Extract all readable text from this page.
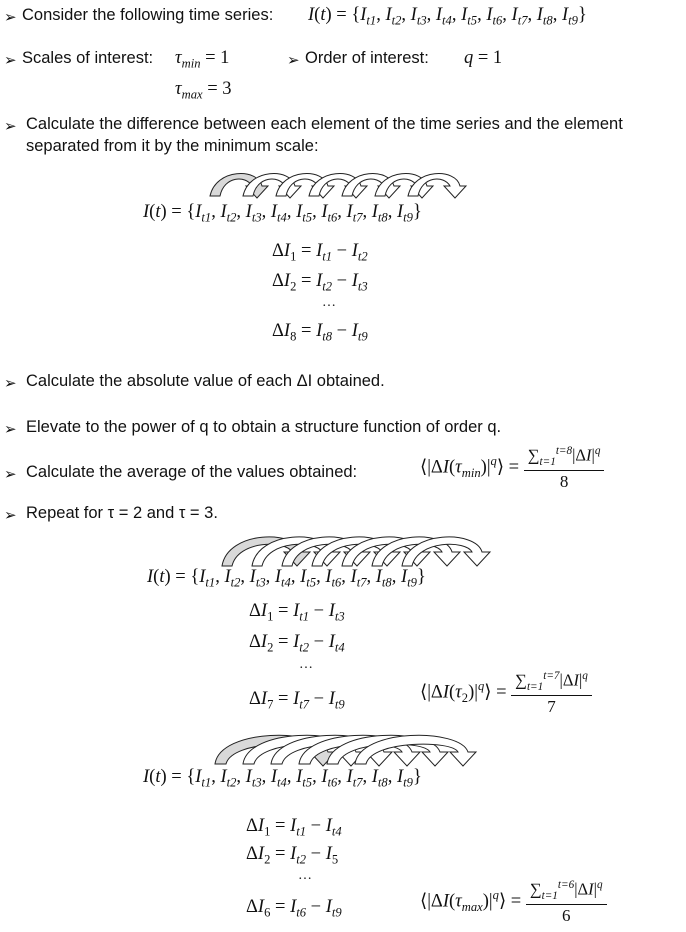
➢ Consider the following time series: $I(t) = \{I_{t1}$, $I_{t2}$, $I_{t3}$, $I_{t4}$, $I_{t5}$, $I_{t6}$, $I_{t7}$, $I_{t8}$, $I_{t9}$}
➢ Scales of interest: $\tau_{min} = 1$
$\tau_{max} = 3$
➢ Order of interest: q = 1
➢ Calculate the difference between each element of the time series and the element
separated from it by the minimum scale:
$I(t) = \{I_{t1}$, $I_{t2}$, $I_{t3}$, $I_{t4}$, $I_{t5}$, $I_{t6}$, $I_{t7}$, $I_{t8}$, $I_{t9}$}
$\Delta I_1 = I_{t1} - I_{t2}$
$\Delta I_2 = I_{t2} - I_{t3}$
…
$\Delta I_8 = I_{t8} - I_{t9}$
➢ Calculate the absolute value of each ΔI obtained.
➢ Elevate to the power of q to obtain a structure function of order q.
➢ Calculate the average of the values obtained:	$⟨|\Delta I(\tau_{min})|^q⟩ = \frac{\sum_{t=1}^{t=8}|\Delta I|^q}{8}$
➢ Repeat for τ = 2 and τ = 3.
$I(t) = \{I_{t1}$, $I_{t2}$, $I_{t3}$, $I_{t4}$, $I_{t5}$, $I_{t6}$, $I_{t7}$, $I_{t8}$, $I_{t9}$}
$\Delta I_1 = I_{t1} - I_{t3}$
$\Delta I_2 = I_{t2} - I_{t4}$
…
$\Delta I_7 = I_{t7} - I_{t9}$
$⟨|\Delta I(\tau_2)|^q⟩ = \frac{\sum_{t=1}^{t=7}|\Delta I|^q}{7}$
$I(t) = \{I_{t1}$, $I_{t2}$, $I_{t3}$, $I_{t4}$, $I_{t5}$, $I_{t6}$, $I_{t7}$, $I_{t8}$, $I_{t9}$}
$\Delta I_1 = I_{t1} - I_{t4}$
$\Delta I_2 = I_{t2} - I_5$
…
$\Delta I_6 = I_{t6} - I_{t9}$
$⟨|\Delta I(\tau_{max})|^q⟩ = \frac{\sum_{t=1}^{t=6}|\Delta I|^q}{6}$
